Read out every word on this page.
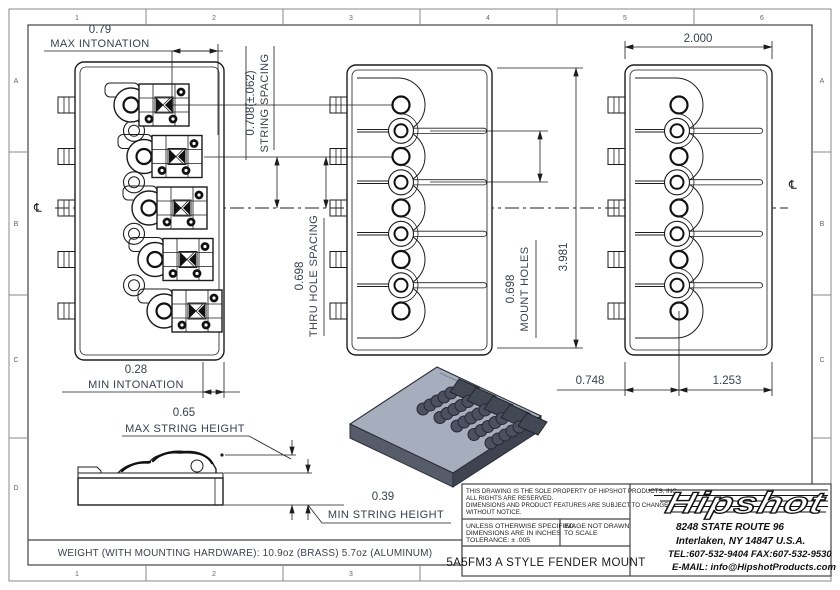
1	2	3	4	5	6
1	2	3
A
B
C
D
A
B
C
℄
℄
0.79
MAX INTONATION
0.28
MIN INTONATION
0.708(±.062) STRING SPACING
0.698 THRU HOLE SPACING	0.698 MOUNT HOLES 3.981
2.000
0.748	1.253
0.65
MAX STRING HEIGHT
0.39
MIN STRING HEIGHT
WEIGHT (WITH MOUNTING HARDWARE): 10.9oz (BRASS) 5.7oz (ALUMINUM)
THIS DRAWING IS THE SOLE PROPERTY OF HIPSHOT PRODUCTS, INC.
ALL RIGHTS ARE RESERVED.
DIMENSIONS AND PRODUCT FEATURES ARE SUBJECT TO CHANGE
WITHOUT NOTICE.
UNLESS OTHERWISE SPECIFIED:
DIMENSIONS ARE IN INCHES
TOLERANCE: ± .005
IMAGE NOT DRAWN
TO SCALE
5A5FM3 A STYLE FENDER MOUNT
Hipshot
8248 STATE ROUTE 96
Interlaken, NY 14847 U.S.A.
TEL:607-532-9404 FAX:607-532-9530
E-MAIL: info@HipshotProducts.com
